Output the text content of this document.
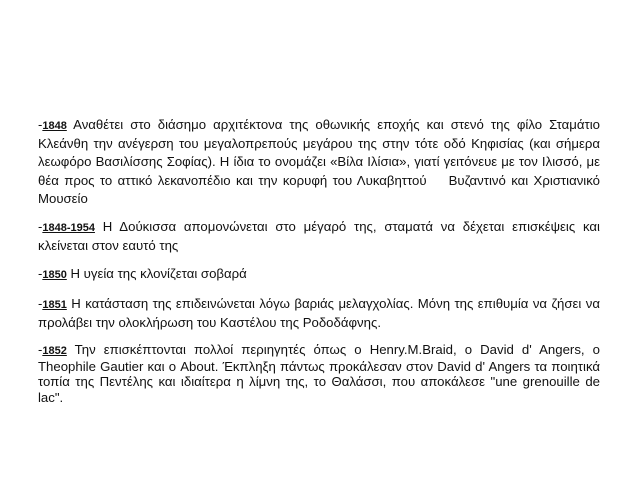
-1848 Αναθέτει στο διάσημο αρχιτέκτονα της οθωνικής εποχής και στενό της φίλο Σταμάτιο Κλεάνθη την ανέγερση του μεγαλοπρεπούς μεγάρου της στην τότε οδό Κηφισίας (και σήμερα λεωφόρο Βασιλίσσης Σοφίας). Η ίδια το ονομάζει «Βίλα Ιλίσια», γιατί γειτόνευε με τον Ιλισσό, με θέα προς το αττικό λεκανοπέδιο και την κορυφή του Λυκαβηττού Βυζαντινό και Χριστιανικό Μουσείο

-1848-1954 Η Δούκισσα απομονώνεται στο μέγαρό της, σταματά να δέχεται επισκέψεις και κλείνεται στον εαυτό της

-1850 Η υγεία της κλονίζεται σοβαρά

-1851 Η κατάσταση της επιδεινώνεται λόγω βαριάς μελαγχολίας. Μόνη της επιθυμία να ζήσει να προλάβει την ολοκλήρωση του Καστέλου της Ροδοδάφνης.

-1852 Την επισκέπτονται πολλοί περιηγητές όπως ο Henry.M.Braid, ο David d' Angers, ο Theophile Gautier και ο About. Έκπληξη πάντως προκάλεσαν στον David d' Angers τα ποιητικά τοπία της Πεντέλης και ιδιαίτερα η λίμνη της, το Θαλάσσι, που αποκάλεσε "une grenouille de lac".
